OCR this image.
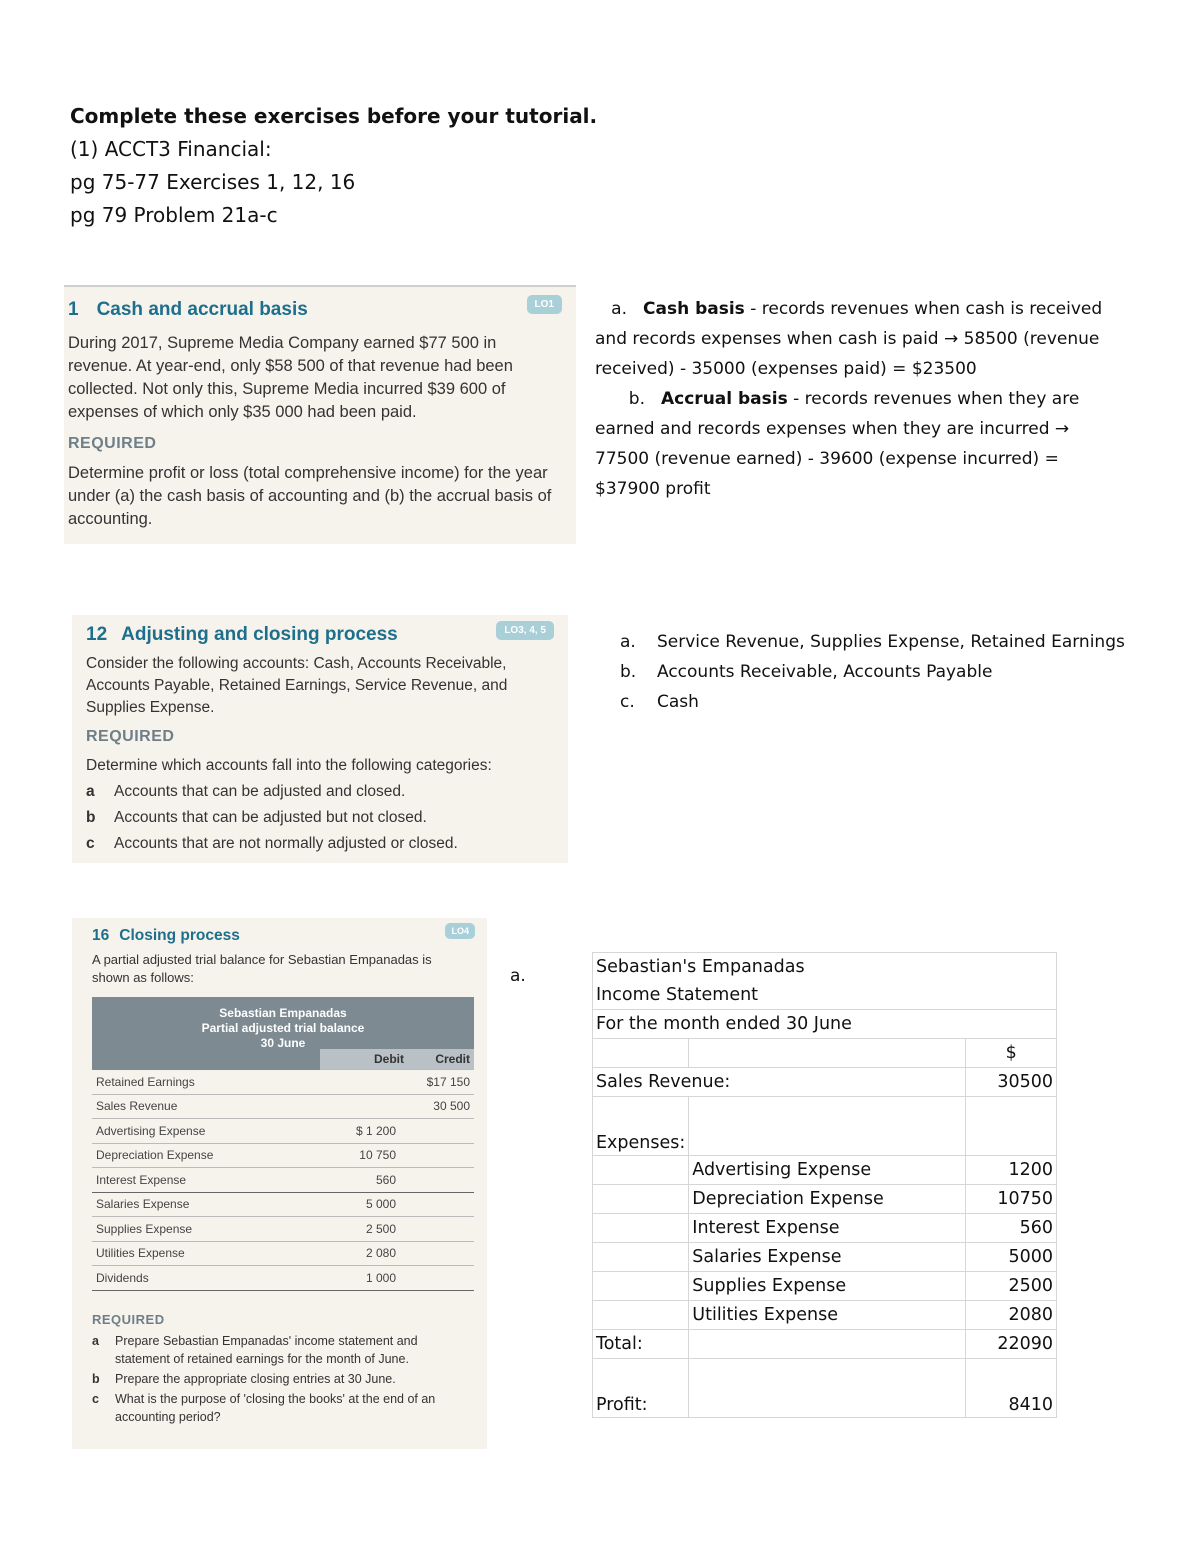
Complete these exercises before your tutorial.
(1) ACCT3 Financial:
pg 75-77 Exercises 1, 12, 16
pg 79 Problem 21a-c
LO1
1 Cash and accrual basis
During 2017, Supreme Media Company earned $77 500 in revenue. At year-end, only $58 500 of that revenue had been collected. Not only this, Supreme Media incurred $39 600 of expenses of which only $35 000 had been paid.
REQUIRED
Determine profit or loss (total comprehensive income) for the year under (a) the cash basis of accounting and (b) the accrual basis of accounting.
a. Cash basis - records revenues when cash is received
and records expenses when cash is paid → 58500 (revenue
received) - 35000 (expenses paid) = $23500
b. Accrual basis - records revenues when they are
earned and records expenses when they are incurred →
77500 (revenue earned) - 39600 (expense incurred) =
$37900 profit
LO3, 4, 5
12 Adjusting and closing process
Consider the following accounts: Cash, Accounts Receivable, Accounts Payable, Retained Earnings, Service Revenue, and Supplies Expense.
REQUIRED
Determine which accounts fall into the following categories:
a	Accounts that can be adjusted and closed.
b	Accounts that can be adjusted but not closed.
c	Accounts that are not normally adjusted or closed.
a.	Service Revenue, Supplies Expense, Retained Earnings
b.	Accounts Receivable, Accounts Payable
c.	Cash
LO4
16 Closing process
A partial adjusted trial balance for Sebastian Empanadas is shown as follows:
Sebastian Empanadas
Partial adjusted trial balance
30 June
	Debit	Credit
Retained Earnings		$17 150
Sales Revenue		30 500
Advertising Expense	$ 1 200	
Depreciation Expense	10 750	
Interest Expense	560	
Salaries Expense	5 000	
Supplies Expense	2 500	
Utilities Expense	2 080	
Dividends	1 000	
REQUIRED
a	Prepare Sebastian Empanadas' income statement and statement of retained earnings for the month of June.
b	Prepare the appropriate closing entries at 30 June.
c	What is the purpose of 'closing the books' at the end of an accounting period?
a.	Sebastian's Empanadas		
Income Statement		
For the month ended 30 June		
		$
Sales Revenue:		30500
Expenses:		
	Advertising Expense	1200
	Depreciation Expense	10750
	Interest Expense	560
	Salaries Expense	5000
	Supplies Expense	2500
	Utilities Expense	2080
Total:		22090
Profit:		8410
